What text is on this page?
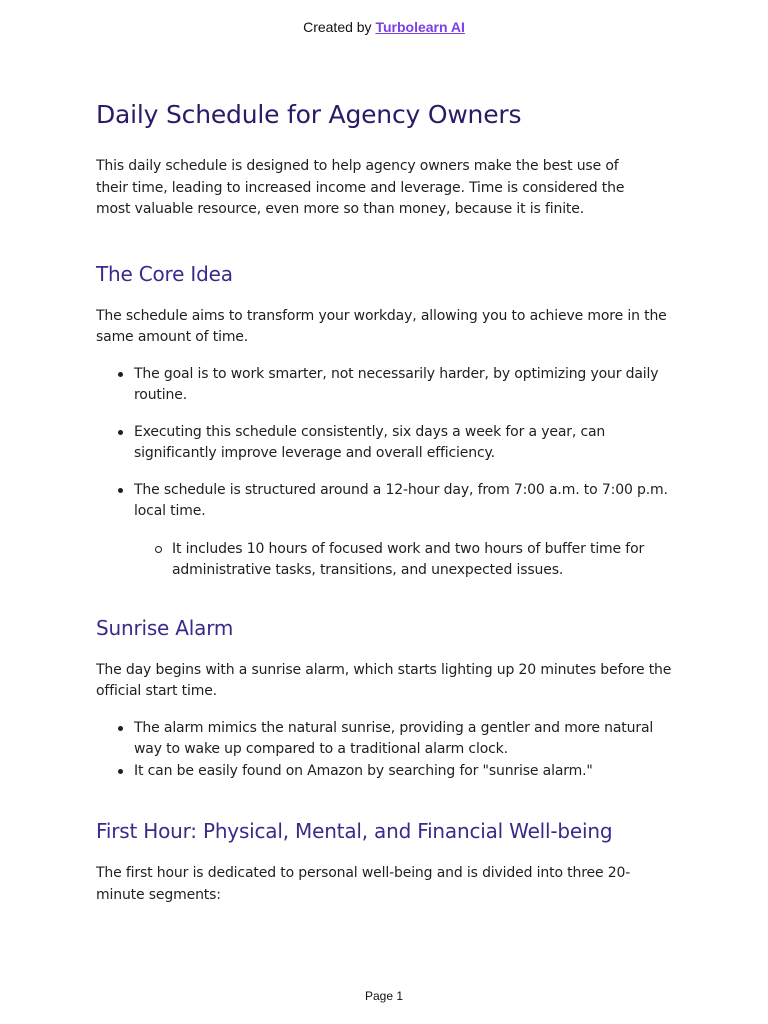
Created by Turbolearn AI
Daily Schedule for Agency Owners

This daily schedule is designed to help agency owners make the best use of their time, leading to increased income and leverage. Time is considered the most valuable resource, even more so than money, because it is finite.

The Core Idea

The schedule aims to transform your workday, allowing you to achieve more in the same amount of time.

The goal is to work smarter, not necessarily harder, by optimizing your daily routine.
Executing this schedule consistently, six days a week for a year, can significantly improve leverage and overall efficiency.
The schedule is structured around a 12-hour day, from 7:00 a.m. to 7:00 p.m. local time.
It includes 10 hours of focused work and two hours of buffer time for administrative tasks, transitions, and unexpected issues.
Sunrise Alarm

The day begins with a sunrise alarm, which starts lighting up 20 minutes before the official start time.

The alarm mimics the natural sunrise, providing a gentler and more natural way to wake up compared to a traditional alarm clock.
It can be easily found on Amazon by searching for "sunrise alarm."
First Hour: Physical, Mental, and Financial Well-being

The first hour is dedicated to personal well-being and is divided into three 20-minute segments:

Page 1
